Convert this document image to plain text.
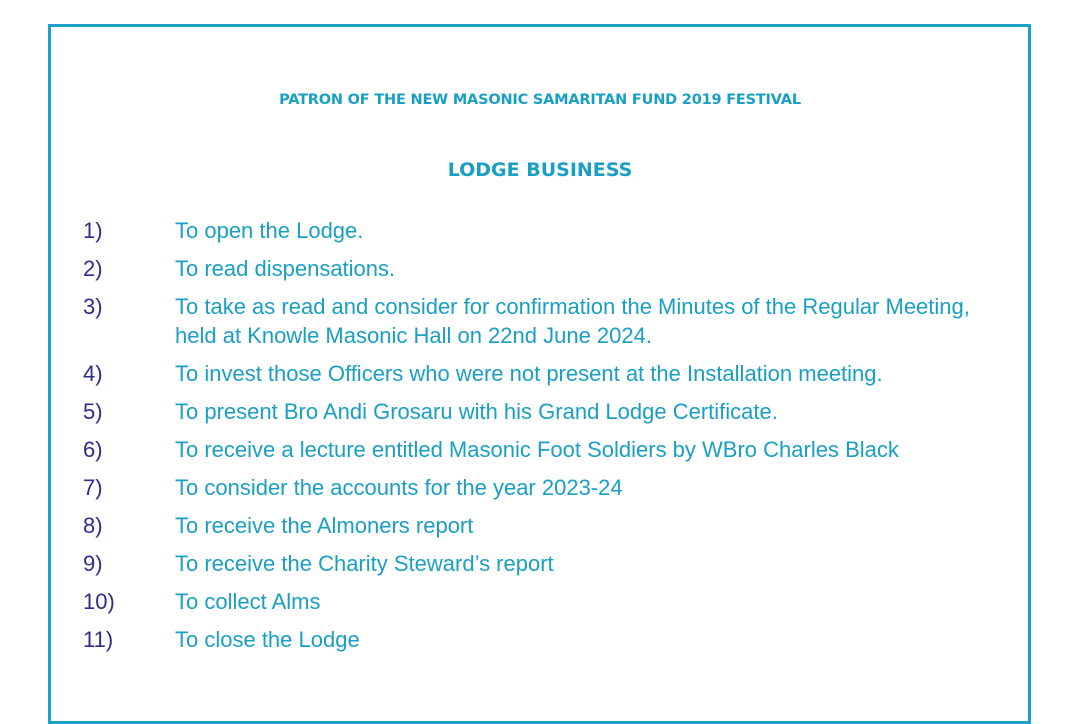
PATRON OF THE NEW MASONIC SAMARITAN FUND 2019 FESTIVAL
LODGE BUSINESS
1)	To open the Lodge.
2)	To read dispensations.
3)	To take as read and consider for confirmation the Minutes of the Regular Meeting, held at Knowle Masonic Hall on 22nd June 2024.
4)	To invest those Officers who were not present at the Installation meeting.
5)	To present Bro Andi Grosaru with his Grand Lodge Certificate.
6)	To receive a lecture entitled Masonic Foot Soldiers by WBro Charles Black
7)	To consider the accounts for the year 2023-24
8)	To receive the Almoners report
9)	To receive the Charity Steward’s report
10)	To collect Alms
11)	To close the Lodge
